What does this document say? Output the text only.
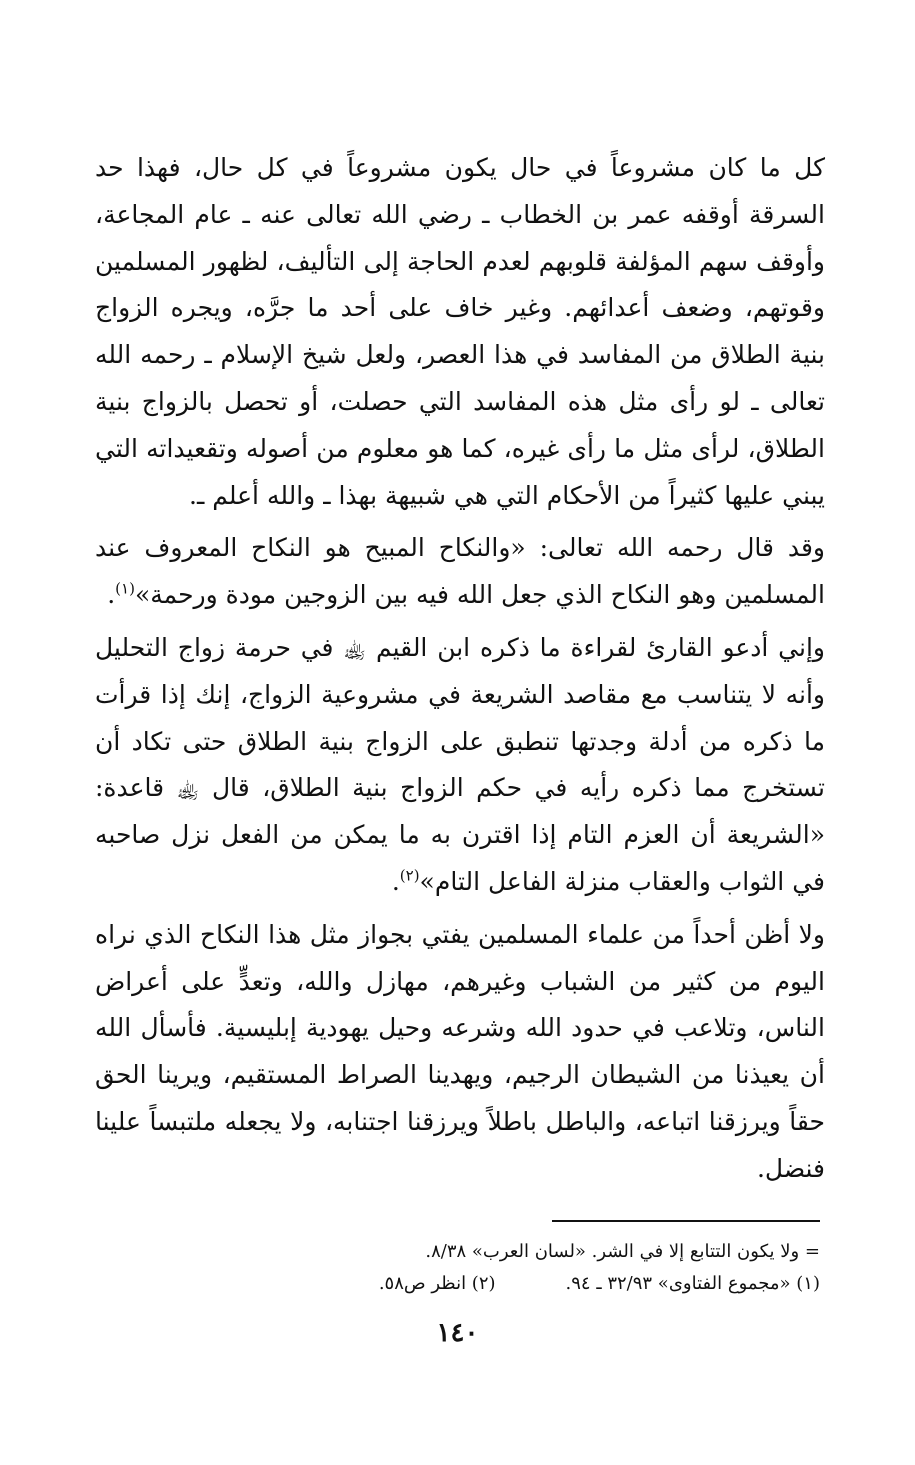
كل ما كان مشروعاً في حال يكون مشروعاً في كل حال، فهذا حد السرقة أوقفه عمر بن الخطاب ـ رضي الله تعالى عنه ـ عام المجاعة، وأوقف سهم المؤلفة قلوبهم لعدم الحاجة إلى التأليف، لظهور المسلمين وقوتهم، وضعف أعدائهم. وغير خاف على أحد ما جرَّه، ويجره الزواج بنية الطلاق من المفاسد في هذا العصر، ولعل شيخ الإسلام ـ رحمه الله تعالى ـ لو رأى مثل هذه المفاسد التي حصلت، أو تحصل بالزواج بنية الطلاق، لرأى مثل ما رأى غيره، كما هو معلوم من أصوله وتقعيداته التي يبني عليها كثيراً من الأحكام التي هي شبيهة بهذا ـ والله أعلم ـ.

وقد قال رحمه الله تعالى: «والنكاح المبيح هو النكاح المعروف عند المسلمين وهو النكاح الذي جعل الله فيه بين الزوجين مودة ورحمة»$^{(١)}$.

وإني أدعو القارئ لقراءة ما ذكره ابن القيم ﵀ في حرمة زواج التحليل وأنه لا يتناسب مع مقاصد الشريعة في مشروعية الزواج، إنك إذا قرأت ما ذكره من أدلة وجدتها تنطبق على الزواج بنية الطلاق حتى تكاد أن تستخرج مما ذكره رأيه في حكم الزواج بنية الطلاق، قال ﵀ قاعدة: «الشريعة أن العزم التام إذا اقترن به ما يمكن من الفعل نزل صاحبه في الثواب والعقاب منزلة الفاعل التام»$^{(٢)}$.

ولا أظن أحداً من علماء المسلمين يفتي بجواز مثل هذا النكاح الذي نراه اليوم من كثير من الشباب وغيرهم، مهازل والله، وتعدٍّ على أعراض الناس، وتلاعب في حدود الله وشرعه وحيل يهودية إبليسية. فأسأل الله أن يعيذنا من الشيطان الرجيم، ويهدينا الصراط المستقيم، ويرينا الحق حقاً ويرزقنا اتباعه، والباطل باطلاً ويرزقنا اجتنابه، ولا يجعله ملتبساً علينا فنضل.

= ولا يكون التتابع إلا في الشر. «لسان العرب» ٨/٣٨.
(١) «مجموع الفتاوى» ٣٢/٩٣ ـ ٩٤.(٢) انظر ص٥٨.
١٤٠
